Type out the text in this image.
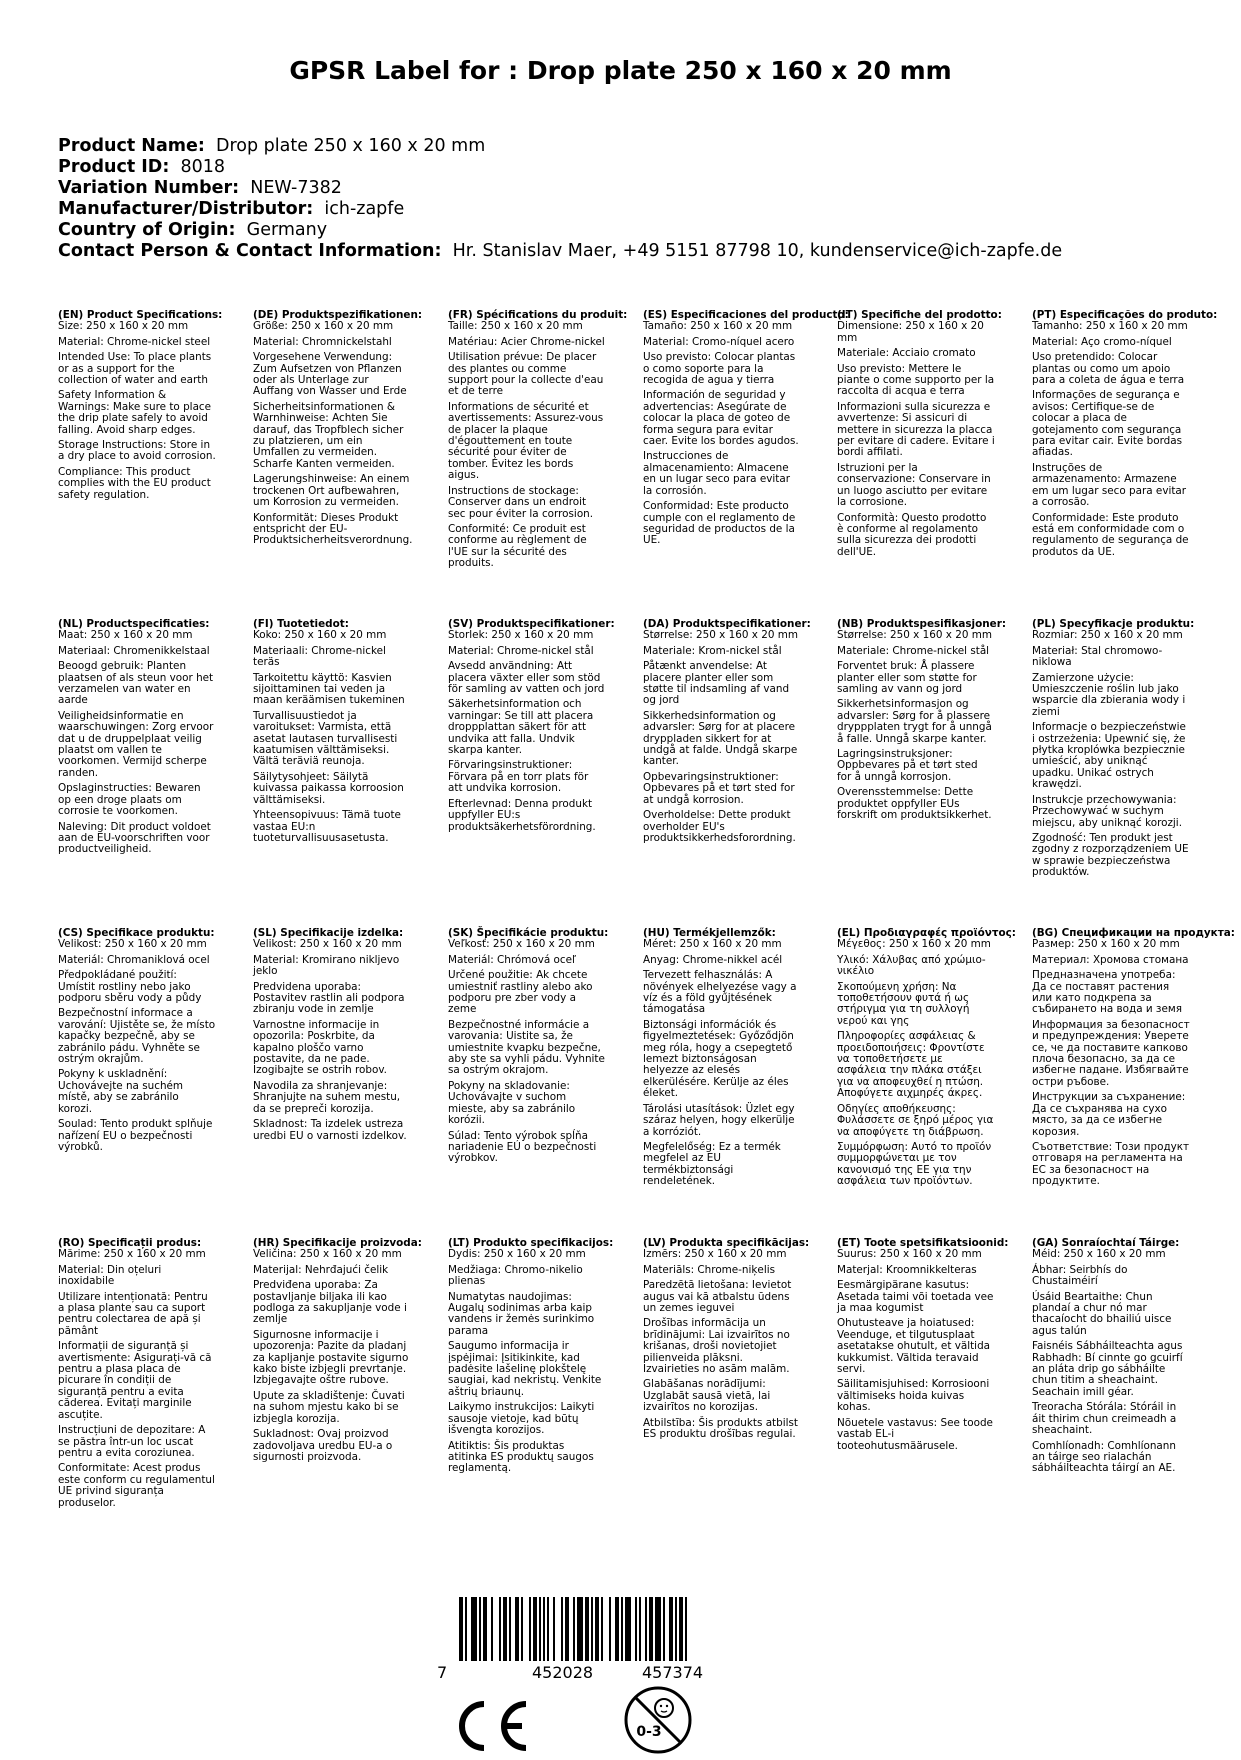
GPSR Label for : Drop plate 250 x 160 x 20 mm
Product Name: Drop plate 250 x 160 x 20 mm
Product ID: 8018
Variation Number: NEW-7382
Manufacturer/Distributor: ich-zapfe
Country of Origin: Germany
Contact Person & Contact Information: Hr. Stanislav Maer, +49 5151 87798 10, kundenservice@ich-zapfe.de
(EN) Product Specifications:
Size: 250 x 160 x 20 mm
Material: Chrome-nickel steel
Intended Use: To place plants or as a support for the collection of water and earth
Safety Information & Warnings: Make sure to place the drip plate safely to avoid falling. Avoid sharp edges.
Storage Instructions: Store in a dry place to avoid corrosion.
Compliance: This product complies with the EU product safety regulation.
(DE) Produktspezifikationen:
Größe: 250 x 160 x 20 mm
Material: Chromnickelstahl
Vorgesehene Verwendung: Zum Aufsetzen von Pflanzen oder als Unterlage zur Auffang von Wasser und Erde
Sicherheitsinformationen & Warnhinweise: Achten Sie darauf, das Tropfblech sicher zu platzieren, um ein Umfallen zu vermeiden. Scharfe Kanten vermeiden.
Lagerungshinweise: An einem trockenen Ort aufbewahren, um Korrosion zu vermeiden.
Konformität: Dieses Produkt entspricht der EU-Produktsicherheitsverordnung.
(FR) Spécifications du produit:
Taille: 250 x 160 x 20 mm
Matériau: Acier Chrome-nickel
Utilisation prévue: De placer des plantes ou comme support pour la collecte d'eau et de terre
Informations de sécurité et avertissements: Assurez-vous de placer la plaque d'égouttement en toute sécurité pour éviter de tomber. Évitez les bords aigus.
Instructions de stockage: Conserver dans un endroit sec pour éviter la corrosion.
Conformité: Ce produit est conforme au règlement de l'UE sur la sécurité des produits.
(ES) Especificaciones del producto:
Tamaño: 250 x 160 x 20 mm
Material: Cromo-níquel acero
Uso previsto: Colocar plantas o como soporte para la recogida de agua y tierra
Información de seguridad y advertencias: Asegúrate de colocar la placa de goteo de forma segura para evitar caer. Evite los bordes agudos.
Instrucciones de almacenamiento: Almacene en un lugar seco para evitar la corrosión.
Conformidad: Este producto cumple con el reglamento de seguridad de productos de la UE.
(IT) Specifiche del prodotto:
Dimensione: 250 x 160 x 20 mm
Materiale: Acciaio cromato
Uso previsto: Mettere le piante o come supporto per la raccolta di acqua e terra
Informazioni sulla sicurezza e avvertenze: Si assicuri di mettere in sicurezza la placca per evitare di cadere. Evitare i bordi affilati.
Istruzioni per la conservazione: Conservare in un luogo asciutto per evitare la corrosione.
Conformità: Questo prodotto è conforme al regolamento sulla sicurezza dei prodotti dell'UE.
(PT) Especificações do produto:
Tamanho: 250 x 160 x 20 mm
Material: Aço cromo-níquel
Uso pretendido: Colocar plantas ou como um apoio para a coleta de água e terra
Informações de segurança e avisos: Certifique-se de colocar a placa de gotejamento com segurança para evitar cair. Evite bordas afiadas.
Instruções de armazenamento: Armazene em um lugar seco para evitar a corrosão.
Conformidade: Este produto está em conformidade com o regulamento de segurança de produtos da UE.
(NL) Productspecificaties:
Maat: 250 x 160 x 20 mm
Materiaal: Chromenikkelstaal
Beoogd gebruik: Planten plaatsen of als steun voor het verzamelen van water en aarde
Veiligheidsinformatie en waarschuwingen: Zorg ervoor dat u de druppelplaat veilig plaatst om vallen te voorkomen. Vermijd scherpe randen.
Opslaginstructies: Bewaren op een droge plaats om corrosie te voorkomen.
Naleving: Dit product voldoet aan de EU-voorschriften voor productveiligheid.
(FI) Tuotetiedot:
Koko: 250 x 160 x 20 mm
Materiaali: Chrome-nickel teräs
Tarkoitettu käyttö: Kasvien sijoittaminen tai veden ja maan keräämisen tukeminen
Turvallisuustiedot ja varoitukset: Varmista, että asetat lautasen turvallisesti kaatumisen välttämiseksi. Vältä teräviä reunoja.
Säilytysohjeet: Säilytä kuivassa paikassa korroosion välttämiseksi.
Yhteensopivuus: Tämä tuote vastaa EU:n tuoteturvallisuusasetusta.
(SV) Produktspecifikationer:
Storlek: 250 x 160 x 20 mm
Material: Chrome-nickel stål
Avsedd användning: Att placera växter eller som stöd för samling av vatten och jord
Säkerhetsinformation och varningar: Se till att placera droppplattan säkert för att undvika att falla. Undvik skarpa kanter.
Förvaringsinstruktioner: Förvara på en torr plats för att undvika korrosion.
Efterlevnad: Denna produkt uppfyller EU:s produktsäkerhetsförordning.
(DA) Produktspecifikationer:
Størrelse: 250 x 160 x 20 mm
Materiale: Krom-nickel stål
Påtænkt anvendelse: At placere planter eller som støtte til indsamling af vand og jord
Sikkerhedsinformation og advarsler: Sørg for at placere dryppladen sikkert for at undgå at falde. Undgå skarpe kanter.
Opbevaringsinstruktioner: Opbevares på et tørt sted for at undgå korrosion.
Overholdelse: Dette produkt overholder EU's produktsikkerhedsforordning.
(NB) Produktspesifikasjoner:
Størrelse: 250 x 160 x 20 mm
Materiale: Chrome-nickel stål
Forventet bruk: Å plassere planter eller som støtte for samling av vann og jord
Sikkerhetsinformasjon og advarsler: Sørg for å plassere dryppplaten trygt for å unngå å falle. Unngå skarpe kanter.
Lagringsinstruksjoner: Oppbevares på et tørt sted for å unngå korrosjon.
Overensstemmelse: Dette produktet oppfyller EUs forskrift om produktsikkerhet.
(PL) Specyfikacje produktu:
Rozmiar: 250 x 160 x 20 mm
Materiał: Stal chromowo-niklowa
Zamierzone użycie: Umieszczenie roślin lub jako wsparcie dla zbierania wody i ziemi
Informacje o bezpieczeństwie i ostrzeżenia: Upewnić się, że płytka kroplówka bezpiecznie umieścić, aby uniknąć upadku. Unikać ostrych krawędzi.
Instrukcje przechowywania: Przechowywać w suchym miejscu, aby uniknąć korozji.
Zgodność: Ten produkt jest zgodny z rozporządzeniem UE w sprawie bezpieczeństwa produktów.
(CS) Specifikace produktu:
Velikost: 250 x 160 x 20 mm
Materiál: Chromaniklová ocel
Předpokládané použití: Umístit rostliny nebo jako podporu sběru vody a půdy
Bezpečnostní informace a varování: Ujistěte se, že místo kapačky bezpečně, aby se zabránilo pádu. Vyhněte se ostrým okrajům.
Pokyny k uskladnění: Uchovávejte na suchém místě, aby se zabránilo korozi.
Soulad: Tento produkt splňuje nařízení EU o bezpečnosti výrobků.
(SL) Specifikacije izdelka:
Velikost: 250 x 160 x 20 mm
Material: Kromirano nikljevo jeklo
Predvidena uporaba: Postavitev rastlin ali podpora zbiranju vode in zemlje
Varnostne informacije in opozorila: Poskrbite, da kapalno ploščo varno postavite, da ne pade. Izogibajte se ostrih robov.
Navodila za shranjevanje: Shranjujte na suhem mestu, da se prepreči korozija.
Skladnost: Ta izdelek ustreza uredbi EU o varnosti izdelkov.
(SK) Špecifikácie produktu:
Veľkosť: 250 x 160 x 20 mm
Materiál: Chrómová oceľ
Určené použitie: Ak chcete umiestniť rastliny alebo ako podporu pre zber vody a zeme
Bezpečnostné informácie a varovania: Uistite sa, že umiestnite kvapku bezpečne, aby ste sa vyhli pádu. Vyhnite sa ostrým okrajom.
Pokyny na skladovanie: Uchovávajte v suchom mieste, aby sa zabránilo korózii.
Súlad: Tento výrobok spĺňa nariadenie EÚ o bezpečnosti výrobkov.
(HU) Termékjellemzők:
Méret: 250 x 160 x 20 mm
Anyag: Chrome-nikkel acél
Tervezett felhasználás: A növények elhelyezése vagy a víz és a föld gyűjtésének támogatása
Biztonsági információk és figyelmeztetések: Győződjön meg róla, hogy a csepegtető lemezt biztonságosan helyezze az elesés elkerülésére. Kerülje az éles éleket.
Tárolási utasítások: Üzlet egy száraz helyen, hogy elkerülje a korróziót.
Megfelelőség: Ez a termék megfelel az EU termékbiztonsági rendeletének.
(EL) Προδιαγραφές προϊόντος:
Μέγεθος: 250 x 160 x 20 mm
Υλικό: Χάλυβας από χρώμιο-νικέλιο
Σκοπούμενη χρήση: Να τοποθετήσουν φυτά ή ως στήριγμα για τη συλλογή νερού και γης
Πληροφορίες ασφάλειας & προειδοποιήσεις: Φροντίστε να τοποθετήσετε με ασφάλεια την πλάκα στάξει για να αποφευχθεί η πτώση. Αποφύγετε αιχμηρές άκρες.
Οδηγίες αποθήκευσης: Φυλάσσετε σε ξηρό μέρος για να αποφύγετε τη διάβρωση.
Συμμόρφωση: Αυτό το προϊόν συμμορφώνεται με τον κανονισμό της ΕΕ για την ασφάλεια των προϊόντων.
(BG) Спецификации на продукта:
Размер: 250 x 160 x 20 mm
Материал: Хромова стомана
Предназначена употреба: Да се поставят растения или като подкрепа за събирането на вода и земя
Информация за безопасност и предупреждения: Уверете се, че да поставите капково плоча безопасно, за да се избегне падане. Избягвайте остри ръбове.
Инструкции за съхранение: Да се съхранява на сухо място, за да се избегне корозия.
Съответствие: Този продукт отговаря на регламента на ЕС за безопасност на продуктите.
(RO) Specificații produs:
Mărime: 250 x 160 x 20 mm
Material: Din oțeluri inoxidabile
Utilizare intenționată: Pentru a plasa plante sau ca suport pentru colectarea de apă și pământ
Informații de siguranță și avertismente: Asigurați-vă că pentru a plasa placa de picurare în condiții de siguranță pentru a evita căderea. Evitați marginile ascuțite.
Instrucțiuni de depozitare: A se păstra într-un loc uscat pentru a evita coroziunea.
Conformitate: Acest produs este conform cu regulamentul UE privind siguranța produselor.
(HR) Specifikacije proizvoda:
Veličina: 250 x 160 x 20 mm
Materijal: Nehrđajući čelik
Predviđena uporaba: Za postavljanje biljaka ili kao podloga za sakupljanje vode i zemlje
Sigurnosne informacije i upozorenja: Pazite da pladanj za kapljanje postavite sigurno kako biste izbjegli prevrtanje. Izbjegavajte oštre rubove.
Upute za skladištenje: Čuvati na suhom mjestu kako bi se izbjegla korozija.
Sukladnost: Ovaj proizvod zadovoljava uredbu EU-a o sigurnosti proizvoda.
(LT) Produkto specifikacijos:
Dydis: 250 x 160 x 20 mm
Medžiaga: Chromo-nikelio plienas
Numatytas naudojimas: Augalų sodinimas arba kaip vandens ir žemės surinkimo parama
Saugumo informacija ir įspėjimai: Įsitikinkite, kad padėsite lašelinę plokštelę saugiai, kad nekristų. Venkite aštrių briaunų.
Laikymo instrukcijos: Laikyti sausoje vietoje, kad būtų išvengta korozijos.
Atitiktis: Šis produktas atitinka ES produktų saugos reglamentą.
(LV) Produkta specifikācijas:
Izmērs: 250 x 160 x 20 mm
Materiāls: Chrome-niķelis
Paredzētā lietošana: Ievietot augus vai kā atbalstu ūdens un zemes ieguvei
Drošības informācija un brīdinājumi: Lai izvairītos no krišanas, droši novietojiet pilienveida plāksni. Izvairieties no asām malām.
Glabāšanas norādījumi: Uzglabāt sausā vietā, lai izvairītos no korozijas.
Atbilstība: Šis produkts atbilst ES produktu drošības regulai.
(ET) Toote spetsifikatsioonid:
Suurus: 250 x 160 x 20 mm
Materjal: Kroomnikkelteras
Eesmärgipärane kasutus: Asetada taimi või toetada vee ja maa kogumist
Ohutusteave ja hoiatused: Veenduge, et tilgutusplaat asetatakse ohutult, et vältida kukkumist. Vältida teravaid servi.
Säilitamisjuhised: Korrosiooni vältimiseks hoida kuivas kohas.
Nõuetele vastavus: See toode vastab EL-i tooteohutusmäärusele.
(GA) Sonraíochtaí Táirge:
Méid: 250 x 160 x 20 mm
Ábhar: Seirbhís do Chustaiméirí
Úsáid Beartaithe: Chun plandaí a chur nó mar thacaíocht do bhailiú uisce agus talún
Faisnéis Sábháilteachta agus Rabhadh: Bí cinnte go gcuirfí an pláta drip go sábháilte chun titim a sheachaint. Seachain imill géar.
Treoracha Stórála: Stóráil in áit thirim chun creimeadh a sheachaint.
Comhlíonadh: Comhlíonann an táirge seo rialachán sábháilteachta táirgí an AE.
7	452028	457374
0-3
